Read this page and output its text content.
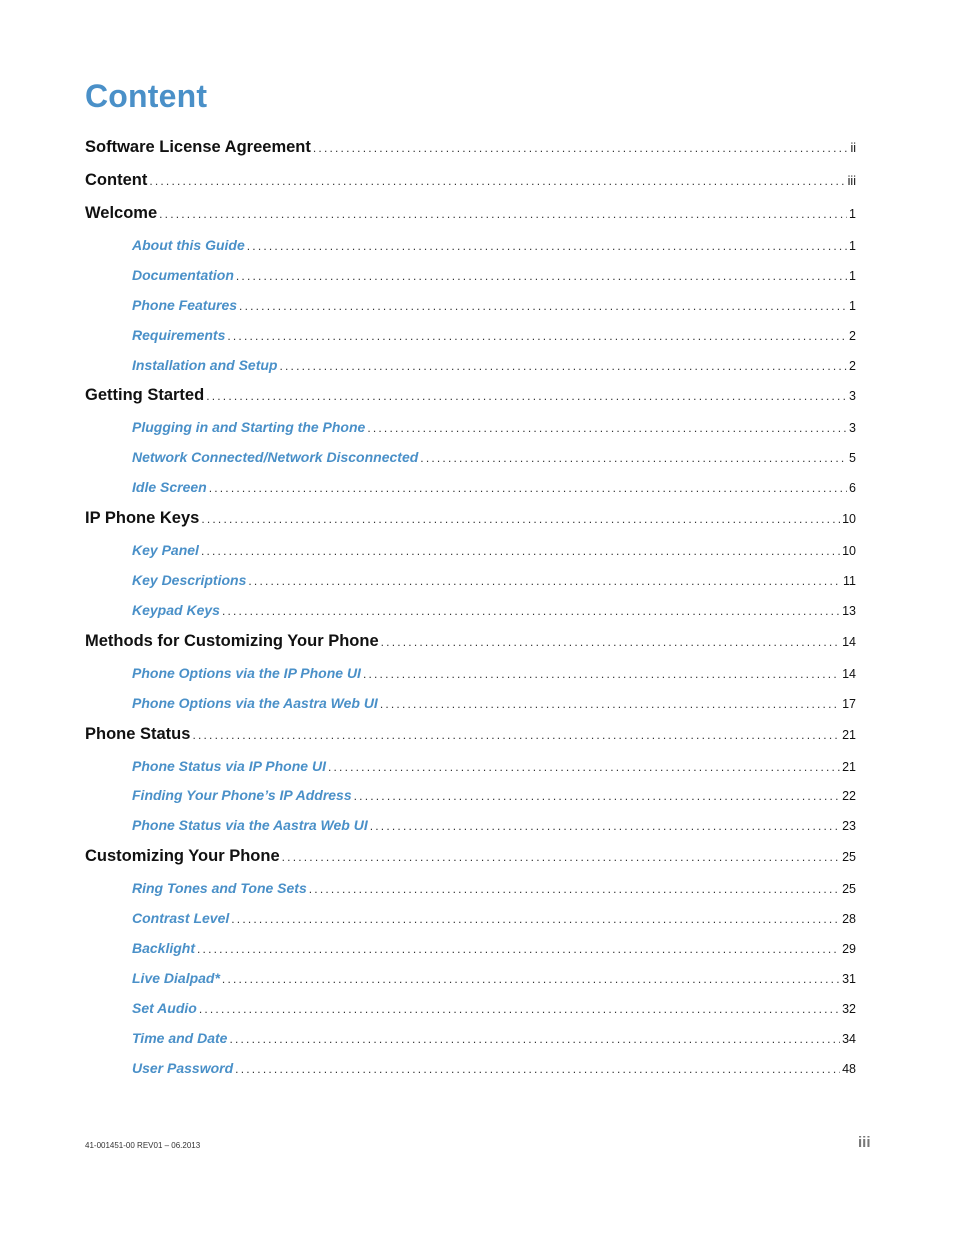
Content
Software License Agreement .....	ii
Content .....	iii
Welcome .....	1
About this Guide .....	1
Documentation .....	1
Phone Features .....	1
Requirements .....	2
Installation and Setup .....	2
Getting Started .....	3
Plugging in and Starting the Phone .....	3
Network Connected/Network Disconnected .....	5
Idle Screen .....	6
IP Phone Keys .....	10
Key Panel .....	10
Key Descriptions .....	11
Keypad Keys .....	13
Methods for Customizing Your Phone .....	14
Phone Options via the IP Phone UI .....	14
Phone Options via the Aastra Web UI .....	17
Phone Status .....	21
Phone Status via IP Phone UI .....	21
Finding Your Phone’s IP Address .....	22
Phone Status via the Aastra Web UI .....	23
Customizing Your Phone .....	25
Ring Tones and Tone Sets .....	25
Contrast Level .....	28
Backlight .....	29
Live Dialpad* .....	31
Set Audio .....	32
Time and Date .....	34
User Password .....	48
41-001451-00 REV01 – 06.2013	iii
